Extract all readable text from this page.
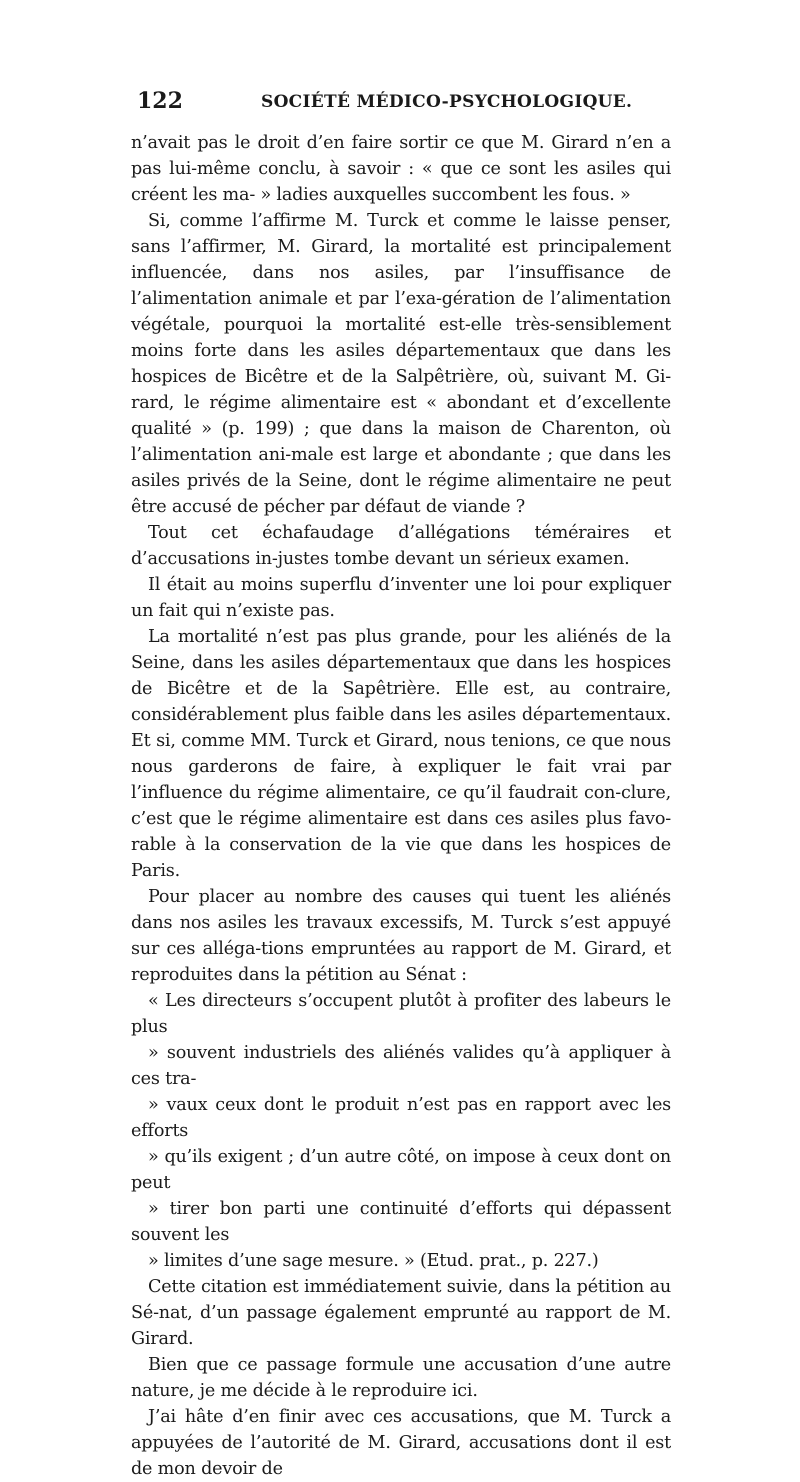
122	SOCIÉTÉ MÉDICO-PSYCHOLOGIQUE.

n’avait pas le droit d’en faire sortir ce que M. Girard n’en a pas lui-même conclu, à savoir : « que ce sont les asiles qui créent les ma- » ladies auxquelles succombent les fous. »

Si, comme l’affirme M. Turck et comme le laisse penser, sans l’affirmer, M. Girard, la mortalité est principalement influencée, dans nos asiles, par l’insuffisance de l’alimentation animale et par l’exa-gération de l’alimentation végétale, pourquoi la mortalité est-elle très-sensiblement moins forte dans les asiles départementaux que dans les hospices de Bicêtre et de la Salpêtrière, où, suivant M. Gi-rard, le régime alimentaire est « abondant et d’excellente qualité » (p. 199) ; que dans la maison de Charenton, où l’alimentation ani-male est large et abondante ; que dans les asiles privés de la Seine, dont le régime alimentaire ne peut être accusé de pécher par défaut de viande ?

Tout cet échafaudage d’allégations téméraires et d’accusations in-justes tombe devant un sérieux examen.

Il était au moins superflu d’inventer une loi pour expliquer un fait qui n’existe pas.

La mortalité n’est pas plus grande, pour les aliénés de la Seine, dans les asiles départementaux que dans les hospices de Bicêtre et de la Sapêtrière. Elle est, au contraire, considérablement plus faible dans les asiles départementaux. Et si, comme MM. Turck et Girard, nous tenions, ce que nous nous garderons de faire, à expliquer le fait vrai par l’influence du régime alimentaire, ce qu’il faudrait con-clure, c’est que le régime alimentaire est dans ces asiles plus favo-rable à la conservation de la vie que dans les hospices de Paris.

Pour placer au nombre des causes qui tuent les aliénés dans nos asiles les travaux excessifs, M. Turck s’est appuyé sur ces alléga-tions empruntées au rapport de M. Girard, et reproduites dans la pétition au Sénat :

« Les directeurs s’occupent plutôt à profiter des labeurs le plus
» souvent industriels des aliénés valides qu’à appliquer à ces tra-
» vaux ceux dont le produit n’est pas en rapport avec les efforts
» qu’ils exigent ; d’un autre côté, on impose à ceux dont on peut
» tirer bon parti une continuité d’efforts qui dépassent souvent les
» limites d’une sage mesure. » (Etud. prat., p. 227.)

Cette citation est immédiatement suivie, dans la pétition au Sé-nat, d’un passage également emprunté au rapport de M. Girard.

Bien que ce passage formule une accusation d’une autre nature, je me décide à le reproduire ici.

J’ai hâte d’en finir avec ces accusations, que M. Turck a appuyées de l’autorité de M. Girard, accusations dont il est de mon devoir de
